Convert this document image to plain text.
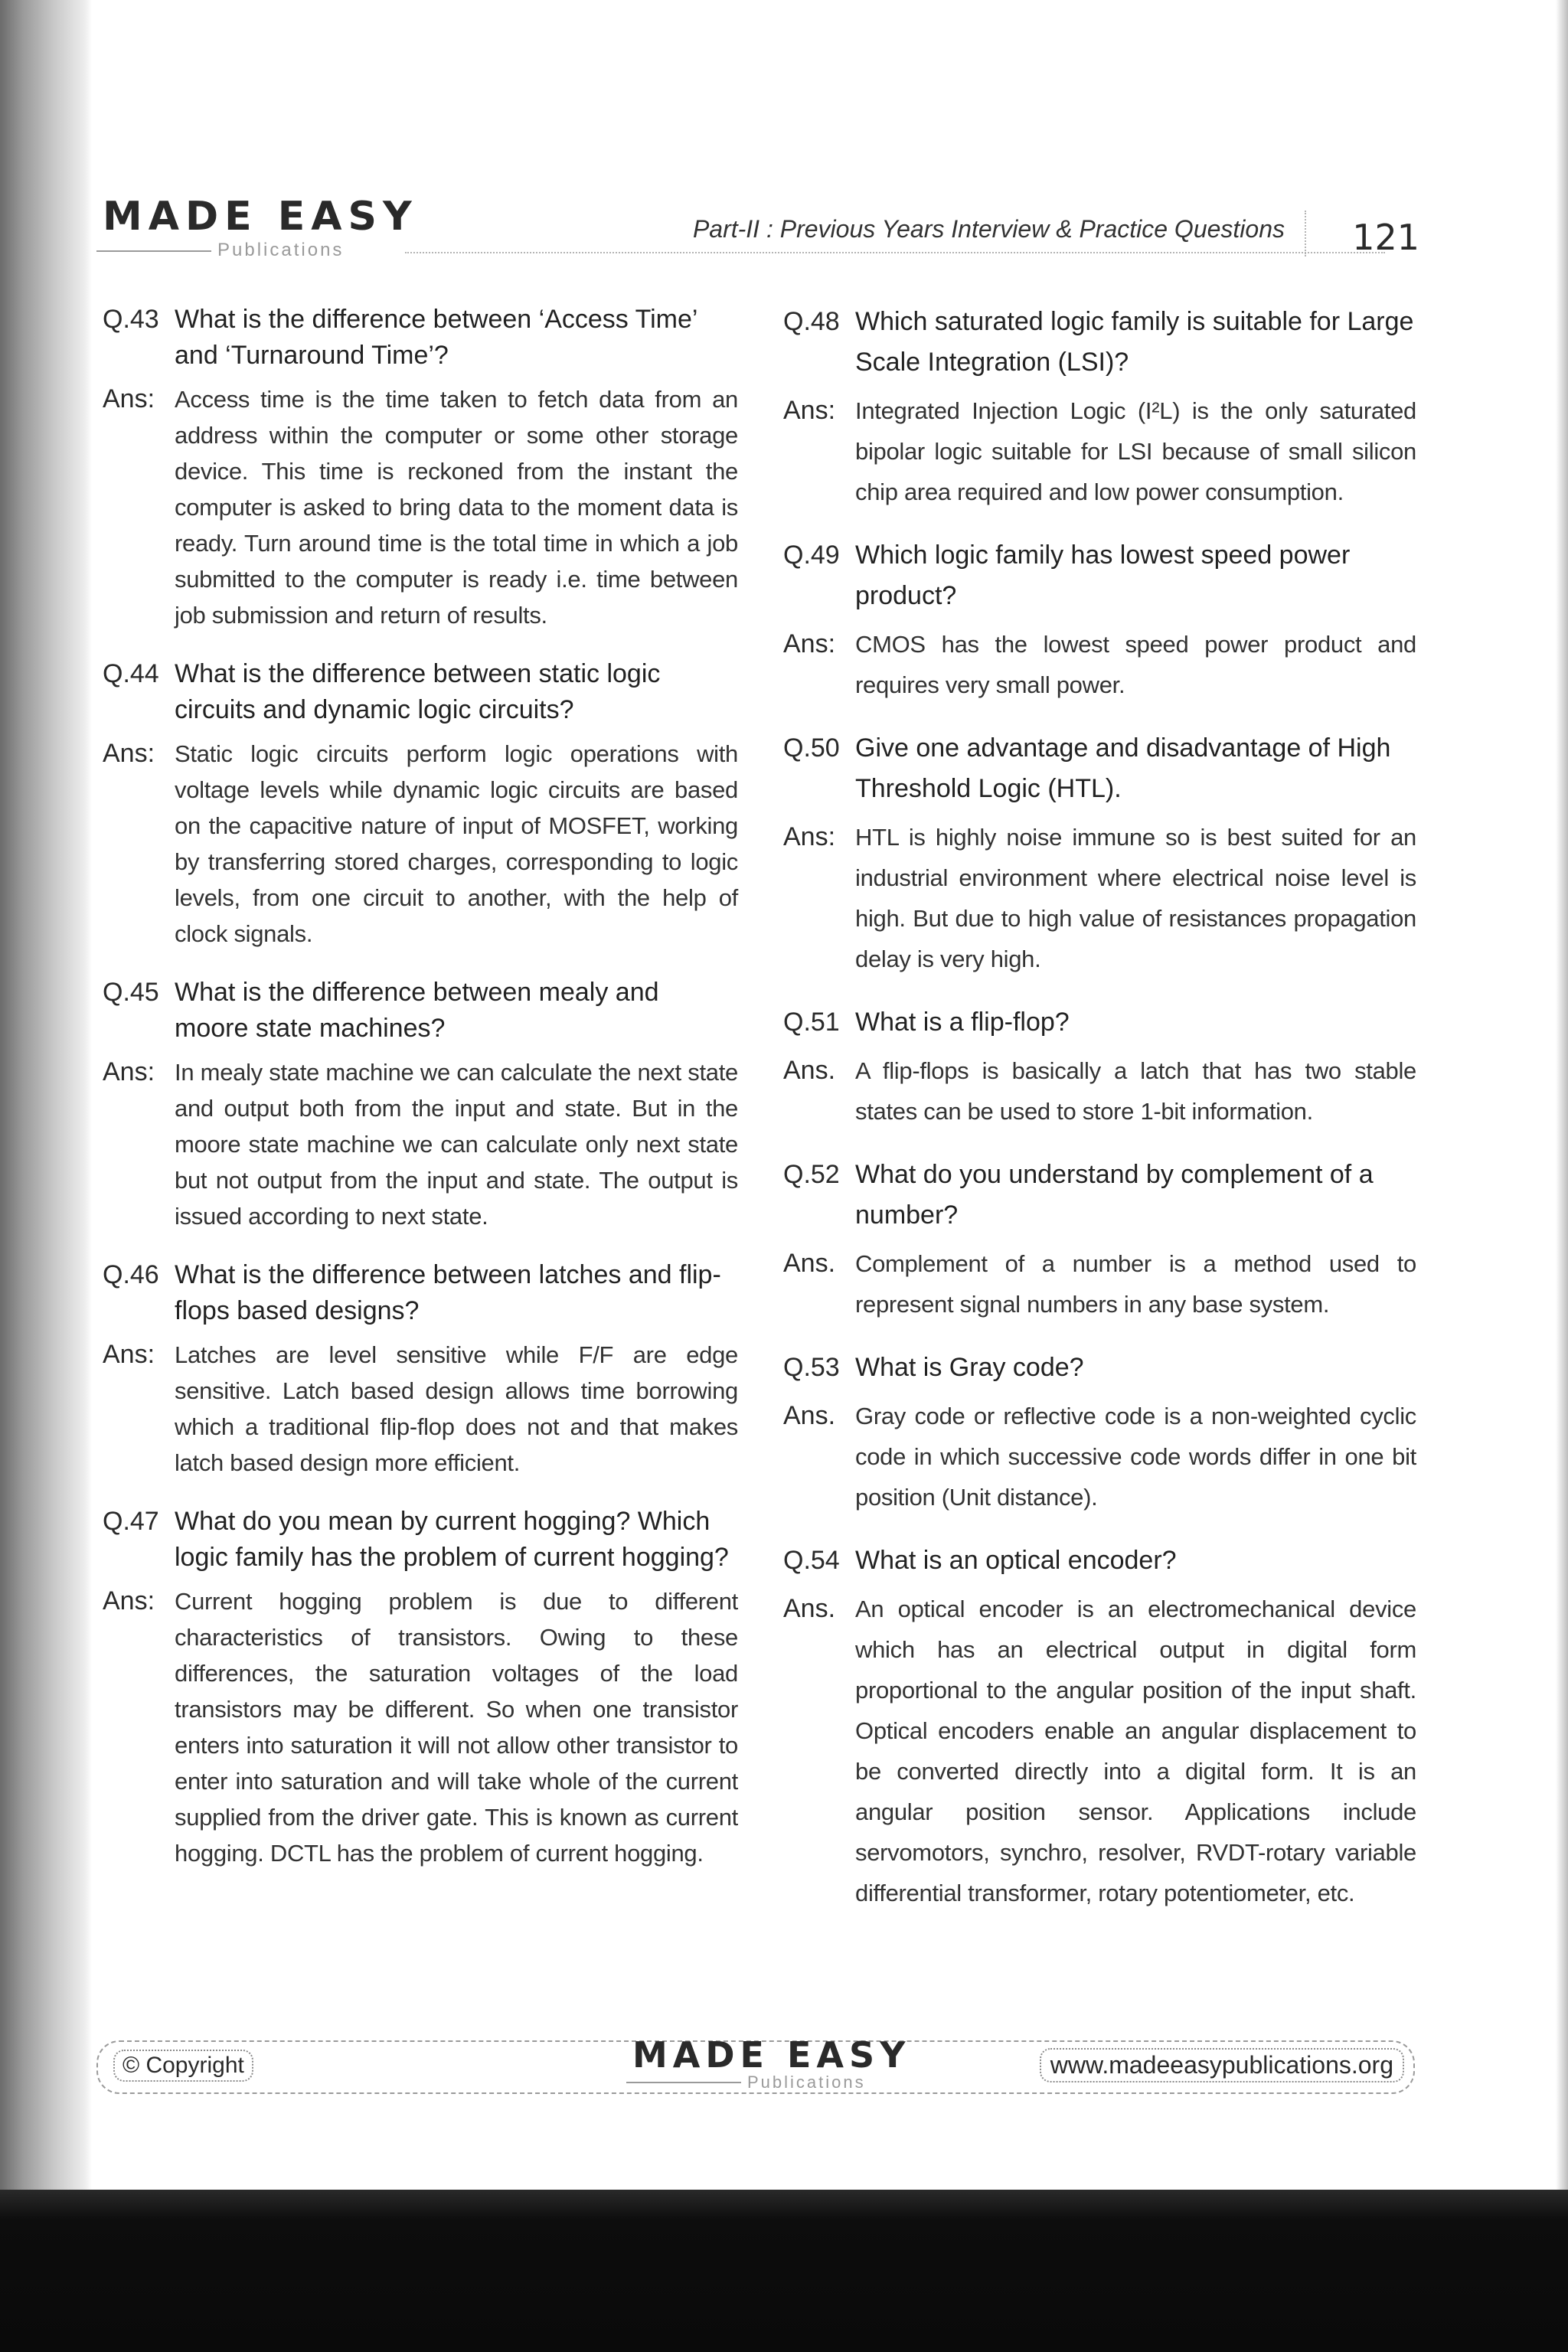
MADE EASY
Publications
Part-II : Previous Years Interview & Practice Questions 121
Q.43 What is the difference between ‘Access Time’ and ‘Turnaround Time’?
Ans: Access time is the time taken to fetch data from an address within the computer or some other storage device. This time is reckoned from the instant the computer is asked to bring data to the moment data is ready. Turn around time is the total time in which a job submitted to the computer is ready i.e. time between job submission and return of results.
Q.44 What is the difference between static logic circuits and dynamic logic circuits?
Ans: Static logic circuits perform logic operations with voltage levels while dynamic logic circuits are based on the capacitive nature of input of MOSFET, working by transferring stored charges, corresponding to logic levels, from one circuit to another, with the help of clock signals.
Q.45 What is the difference between mealy and moore state machines?
Ans: In mealy state machine we can calculate the next state and output both from the input and state. But in the moore state machine we can calculate only next state but not output from the input and state. The output is issued according to next state.
Q.46 What is the difference between latches and flip-flops based designs?
Ans: Latches are level sensitive while F/F are edge sensitive. Latch based design allows time borrowing which a traditional flip-flop does not and that makes latch based design more efficient.
Q.47 What do you mean by current hogging? Which logic family has the problem of current hogging?
Ans: Current hogging problem is due to different characteristics of transistors. Owing to these differences, the saturation voltages of the load transistors may be different. So when one transistor enters into saturation it will not allow other transistor to enter into saturation and will take whole of the current supplied from the driver gate. This is known as current hogging. DCTL has the problem of current hogging.
Q.48 Which saturated logic family is suitable for Large Scale Integration (LSI)?
Ans: Integrated Injection Logic (I²L) is the only saturated bipolar logic suitable for LSI because of small silicon chip area required and low power consumption.
Q.49 Which logic family has lowest speed power product?
Ans: CMOS has the lowest speed power product and requires very small power.
Q.50 Give one advantage and disadvantage of High Threshold Logic (HTL).
Ans: HTL is highly noise immune so is best suited for an industrial environment where electrical noise level is high. But due to high value of resistances propagation delay is very high.
Q.51 What is a flip-flop?
Ans. A flip-flops is basically a latch that has two stable states can be used to store 1-bit information.
Q.52 What do you understand by complement of a number?
Ans. Complement of a number is a method used to represent signal numbers in any base system.
Q.53 What is Gray code?
Ans. Gray code or reflective code is a non-weighted cyclic code in which successive code words differ in one bit position (Unit distance).
Q.54 What is an optical encoder?
Ans. An optical encoder is an electromechanical device which has an electrical output in digital form proportional to the angular position of the input shaft. Optical encoders enable an angular displacement to be converted directly into a digital form. It is an angular position sensor. Applications include servomotors, synchro, resolver, RVDT-rotary variable differential transformer, rotary potentiometer, etc.
© Copyright	MADE EASY
Publications
www.madeeasypublications.org
